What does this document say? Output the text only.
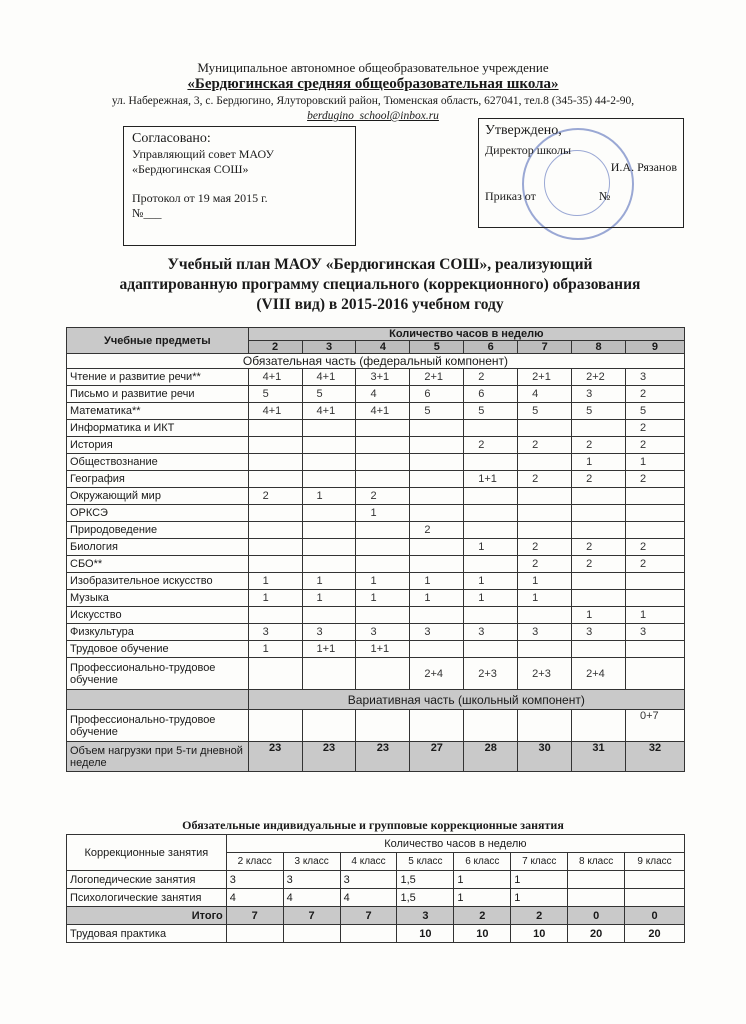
Муниципальное автономное общеобразовательное учреждение
«Бердюгинская средняя общеобразовательная школа»
ул. Набережная, 3, с. Бердюгино, Ялуторовский район, Тюменская область, 627041, тел.8 (345-35) 44-2-90,
berdugino_school@inbox.ru
Согласовано:
Управляющий совет МАОУ
«Бердюгинская СОШ»
Протокол от 19 мая 2015 г.
№___
Утверждено,
Директор школы
И.А. Рязанов
Приказ от	№
Учебный план МАОУ «Бердюгинская СОШ», реализующий
адаптированную программу специального (коррекционного) образования
(VIII вид) в 2015-2016 учебном году
Учебные предметы	Количество часов в неделю							
	2	3	4	5	6	7	8	9
Обязательная часть (федеральный компонент)								
Чтение и развитие речи**	4+1	4+1	3+1	2+1	2	2+1	2+2	3
Письмо и развитие речи	5	5	4	6	6	4	3	2
Математика**	4+1	4+1	4+1	5	5	5	5	5
Информатика и ИКТ								2
История					2	2	2	2
Обществознание							1	1
География					1+1	2	2	2
Окружающий мир	2	1	2					
ОРКСЭ			1					
Природоведение				2				
Биология					1	2	2	2
СБО**						2	2	2
Изобразительное искусство	1	1	1	1	1	1		
Музыка	1	1	1	1	1	1		
Искусство							1	1
Физкультура	3	3	3	3	3	3	3	3
Трудовое обучение	1	1+1	1+1					
Профессионально-трудовое обучение				2+4	2+3	2+3	2+4	
	Вариативная часть (школьный компонент)							
Профессионально-трудовое обучение								0+7
Объем нагрузки при 5-ти дневной неделе	23	23	23	27	28	30	31	32
Обязательные индивидуальные и групповые коррекционные занятия
Коррекционные занятия	Количество часов в неделю							
	2 класс	3 класс	4 класс	5 класс	6 класс	7 класс	8 класс	9 класс
Логопедические занятия	3	3	3	1,5	1	1		
Психологические занятия	4	4	4	1,5	1	1		
Итого	7	7	7	3	2	2	0	0
Трудовая практика				10	10	10	20	20
